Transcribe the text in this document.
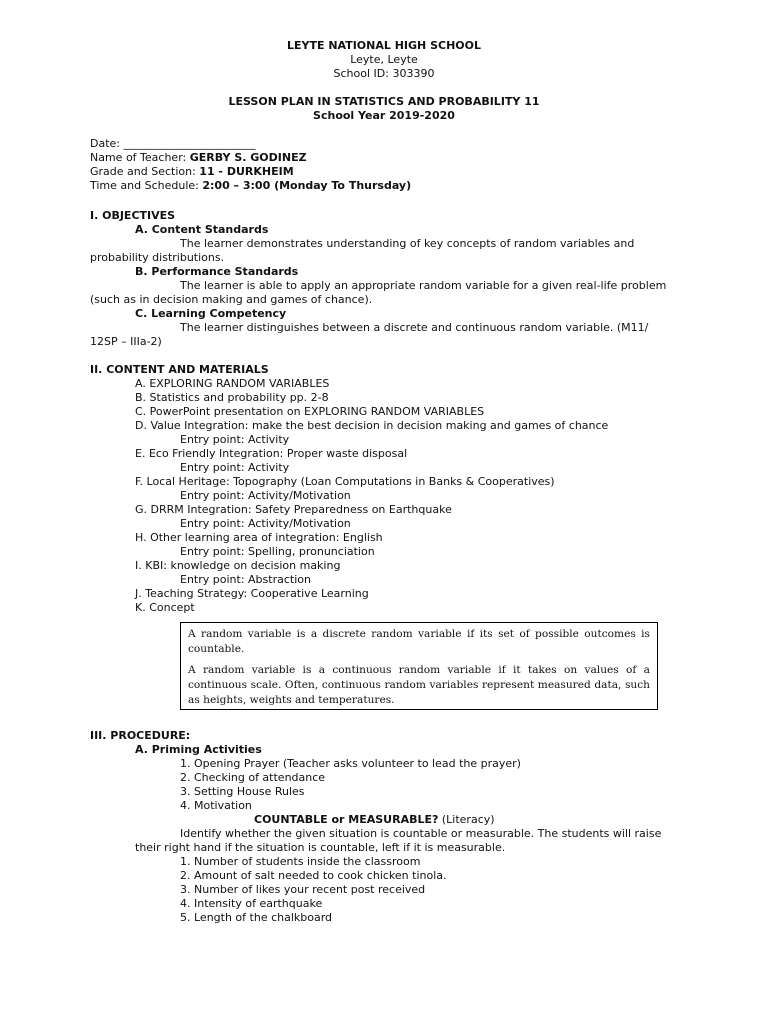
LEYTE NATIONAL HIGH SCHOOL
Leyte, Leyte
School ID: 303390
LESSON PLAN IN STATISTICS AND PROBABILITY 11
School Year 2019-2020
Date: ________________________
Name of Teacher: GERBY S. GODINEZ
Grade and Section: 11 - DURKHEIM
Time and Schedule: 2:00 – 3:00 (Monday To Thursday)
I. OBJECTIVES
A. Content Standards
The learner demonstrates understanding of key concepts of random variables and
probability distributions.
B. Performance Standards
The learner is able to apply an appropriate random variable for a given real-life problem
(such as in decision making and games of chance).
C. Learning Competency
The learner distinguishes between a discrete and continuous random variable. (M11/
12SP – IIIa-2)
II. CONTENT AND MATERIALS
A. EXPLORING RANDOM VARIABLES
B. Statistics and probability pp. 2-8
C. PowerPoint presentation on EXPLORING RANDOM VARIABLES
D. Value Integration: make the best decision in decision making and games of chance
Entry point: Activity
E. Eco Friendly Integration: Proper waste disposal
Entry point: Activity
F. Local Heritage: Topography (Loan Computations in Banks & Cooperatives)
Entry point: Activity/Motivation
G. DRRM Integration: Safety Preparedness on Earthquake
Entry point: Activity/Motivation
H. Other learning area of integration: English
Entry point: Spelling, pronunciation
I. KBI: knowledge on decision making
Entry point: Abstraction
J. Teaching Strategy: Cooperative Learning
K. Concept

A random variable is a discrete random variable if its set of possible outcomes is countable.

A random variable is a continuous random variable if it takes on values of a continuous scale. Often, continuous random variables represent measured data, such as heights, weights and temperatures.

III. PROCEDURE:
A. Priming Activities
1. Opening Prayer (Teacher asks volunteer to lead the prayer)
2. Checking of attendance
3. Setting House Rules
4. Motivation
COUNTABLE or MEASURABLE? (Literacy)
Identify whether the given situation is countable or measurable. The students will raise
their right hand if the situation is countable, left if it is measurable.
1. Number of students inside the classroom
2. Amount of salt needed to cook chicken tinola.
3. Number of likes your recent post received
4. Intensity of earthquake
5. Length of the chalkboard
